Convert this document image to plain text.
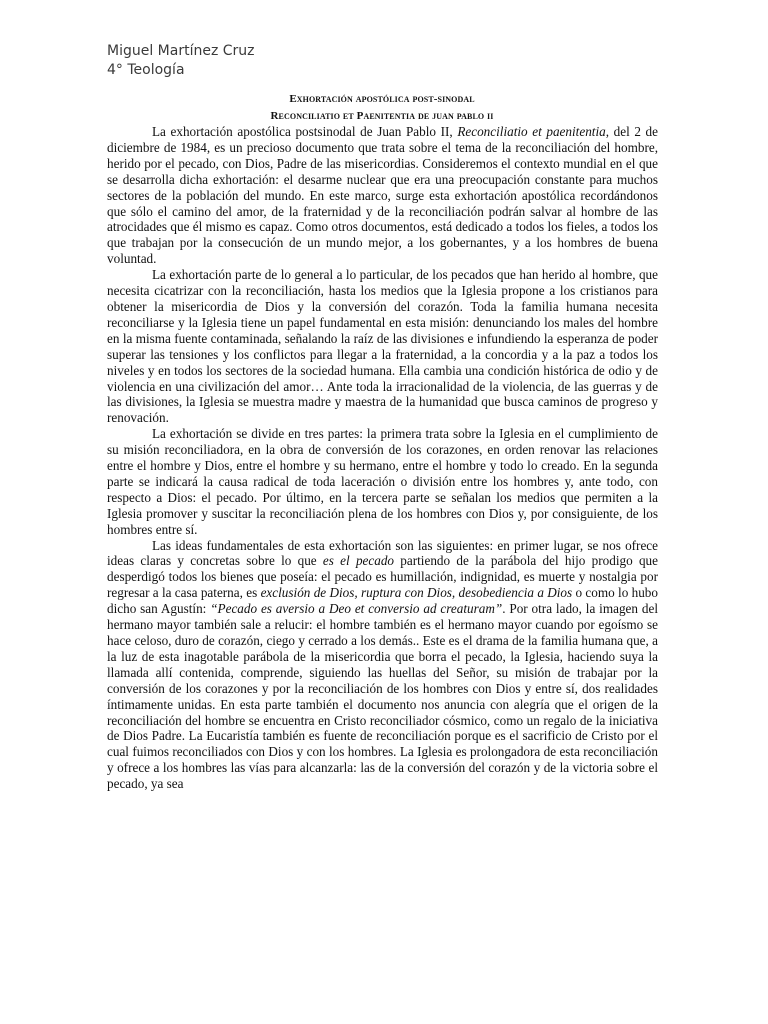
Miguel Martínez Cruz
4° Teología
Exhortación apostólica post-sinodal
Reconciliatio et Paenitentia de juan pablo ii

La exhortación apostólica postsinodal de Juan Pablo II, Reconciliatio et paenitentia, del 2 de diciembre de 1984, es un precioso documento que trata sobre el tema de la reconciliación del hombre, herido por el pecado, con Dios, Padre de las misericordias. Consideremos el contexto mundial en el que se desarrolla dicha exhortación: el desarme nuclear que era una preocupación constante para muchos sectores de la población del mundo. En este marco, surge esta exhortación apostólica recordándonos que sólo el camino del amor, de la fraternidad y de la reconciliación podrán salvar al hombre de las atrocidades que él mismo es capaz. Como otros documentos, está dedicado a todos los fieles, a todos los que trabajan por la consecución de un mundo mejor, a los gobernantes, y a los hombres de buena voluntad.

La exhortación parte de lo general a lo particular, de los pecados que han herido al hombre, que necesita cicatrizar con la reconciliación, hasta los medios que la Iglesia propone a los cristianos para obtener la misericordia de Dios y la conversión del corazón. Toda la familia humana necesita reconciliarse y la Iglesia tiene un papel fundamental en esta misión: denunciando los males del hombre en la misma fuente contaminada, señalando la raíz de las divisiones e infundiendo la esperanza de poder superar las tensiones y los conflictos para llegar a la fraternidad, a la concordia y a la paz a todos los niveles y en todos los sectores de la sociedad humana. Ella cambia una condición histórica de odio y de violencia en una civilización del amor… Ante toda la irracionalidad de la violencia, de las guerras y de las divisiones, la Iglesia se muestra madre y maestra de la humanidad que busca caminos de progreso y renovación.

La exhortación se divide en tres partes: la primera trata sobre la Iglesia en el cumplimiento de su misión reconciliadora, en la obra de conversión de los corazones, en orden renovar las relaciones entre el hombre y Dios, entre el hombre y su hermano, entre el hombre y todo lo creado. En la segunda parte se indicará la causa radical de toda laceración o división entre los hombres y, ante todo, con respecto a Dios: el pecado. Por último, en la tercera parte se señalan los medios que permiten a la Iglesia promover y suscitar la reconciliación plena de los hombres con Dios y, por consiguiente, de los hombres entre sí.

Las ideas fundamentales de esta exhortación son las siguientes: en primer lugar, se nos ofrece ideas claras y concretas sobre lo que es el pecado partiendo de la parábola del hijo prodigo que desperdigó todos los bienes que poseía: el pecado es humillación, indignidad, es muerte y nostalgia por regresar a la casa paterna, es exclusión de Dios, ruptura con Dios, desobediencia a Dios o como lo hubo dicho san Agustín: “Pecado es aversio a Deo et conversio ad creaturam”. Por otra lado, la imagen del hermano mayor también sale a relucir: el hombre también es el hermano mayor cuando por egoísmo se hace celoso, duro de corazón, ciego y cerrado a los demás.. Este es el drama de la familia humana que, a la luz de esta inagotable parábola de la misericordia que borra el pecado, la Iglesia, haciendo suya la llamada allí contenida, comprende, siguiendo las huellas del Señor, su misión de trabajar por la conversión de los corazones y por la reconciliación de los hombres con Dios y entre sí, dos realidades íntimamente unidas. En esta parte también el documento nos anuncia con alegría que el origen de la reconciliación del hombre se encuentra en Cristo reconciliador cósmico, como un regalo de la iniciativa de Dios Padre. La Eucaristía también es fuente de reconciliación porque es el sacrificio de Cristo por el cual fuimos reconciliados con Dios y con los hombres. La Iglesia es prolongadora de esta reconciliación y ofrece a los hombres las vías para alcanzarla: las de la conversión del corazón y de la victoria sobre el pecado, ya sea
